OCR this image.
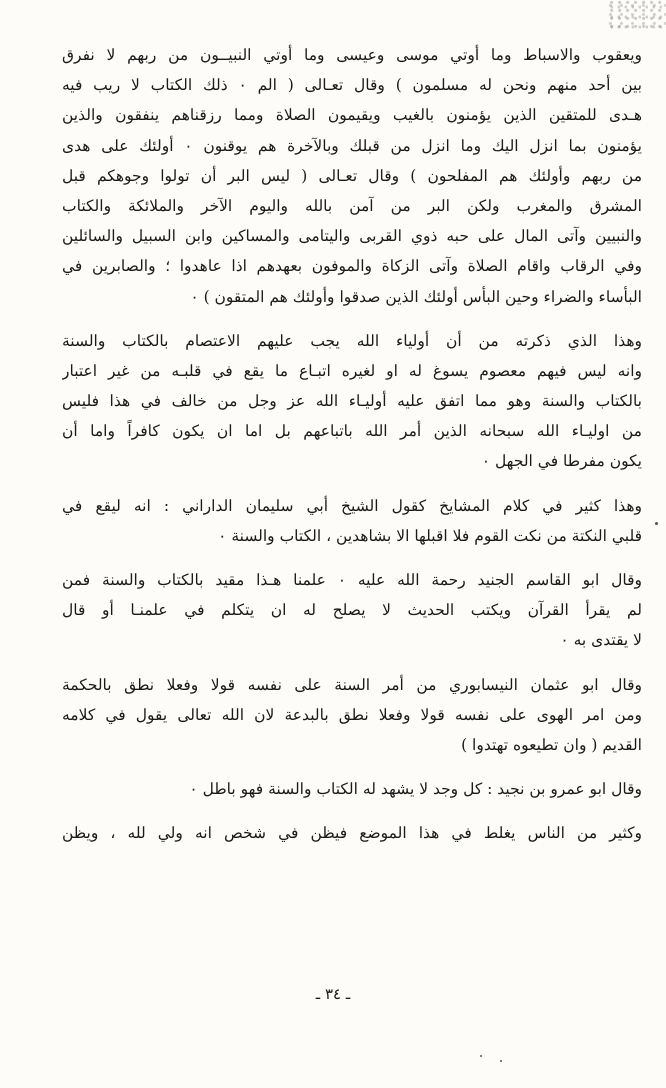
ويعقوب والاسباط وما أوتي موسى وعيسى وما أوتي النبيــون من ربهم لا نفرق
بين أحد منهم ونحن له مسلمون ) وقال تعـالى ( الم ۰ ذلك الكتاب لا ريب فيه
هـدى للمتقين الذين يؤمنون بالغيب ويقيمون الصلاة ومما رزقناهم ينفقون والذين
يؤمنون بما انزل اليك وما انزل من قبلك وبالآخرة هم يوقنون ۰ أولئك على هدى
من ربهم وأولئك هم المفلحون ) وقال تعـالى ( ليس البر أن تولوا وجوهكم قبل
المشرق والمغرب ولكن البر من آمن بالله واليوم الآخر والملائكة والكتاب
والنبيين وآتى المال على حبه ذوي القربى واليتامى والمساكين وابن السبيل والسائلين
وفي الرقاب واقام الصلاة وآتى الزكاة والموفون بعهدهم اذا عاهدوا ؛ والصابرين في
البأساء والضراء وحين البأس أولئك الذين صدقوا وأولئك هم المتقون ) ۰
وهذا الذي ذكرته من أن أولياء الله يجب عليهم الاعتصام بالكتاب والسنة
وانه ليس فيهم معصوم يسوغ له او لغيره اتبـاع ما يقع في قلبـه من غير اعتبار
بالكتاب والسنة وهو مما اتفق عليه أوليـاء الله عز وجل من خالف في هذا فليس
من اوليـاء الله سبحانه الذين أمر الله باتباعهم بل اما ان يكون كافراً واما أن
يكون مفرطا في الجهل ۰
وهذا كثير في كلام المشايخ كقول الشيخ أبي سليمان الداراني : انه ليقع في
قلبي النكتة من نكت القوم فلا اقبلها الا بشاهدين ، الكتاب والسنة ۰
وقال ابو القاسم الجنيد رحمة الله عليه ۰ علمنا هـذا مقيد بالكتاب والسنة فمن
لم يقرأ القرآن ويكتب الحديث لا يصلح له ان يتكلم في علمنـا أو قال
لا يقتدى به ۰
وقال ابو عثمان النيسابوري من أمر السنة على نفسه قولا وفعلا نطق بالحكمة
ومن امر الهوى على نفسه قولا وفعلا نطق بالبدعة لان الله تعالى يقول في كلامه
القديم ( وان تطيعوه تهتدوا )
وقال ابو عمرو بن نجيد : كل وجد لا يشهد له الكتاب والسنة فهو باطل ۰
وكثير من الناس يغلط في هذا الموضع فيظن في شخص انه ولي لله ، ويظن
ـ ٣٤ ـ
